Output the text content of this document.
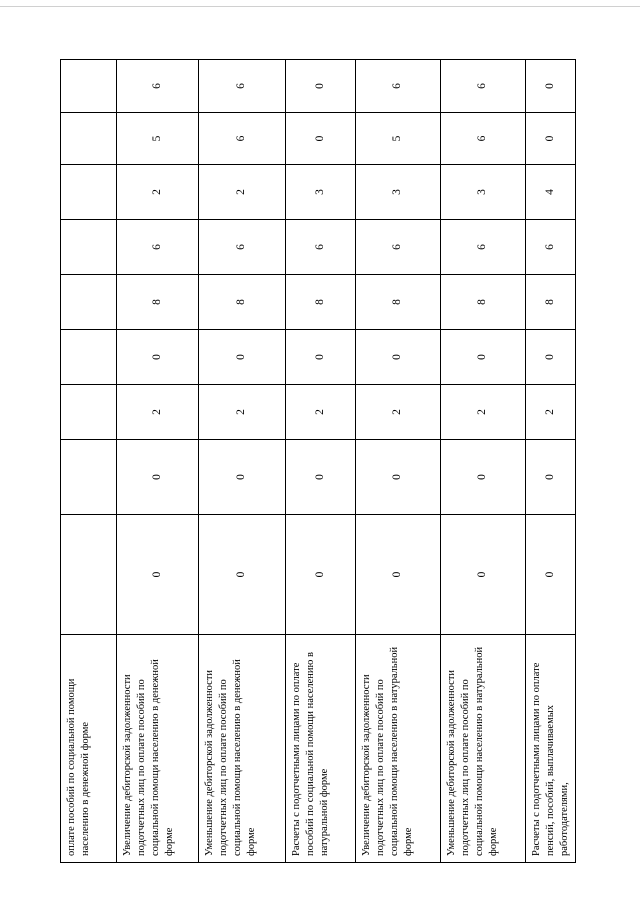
оплате пособий по социальной помощи населению в денежной форме									
Увеличение дебиторской задолженности подотчетных лиц по оплате пособий по социальной помощи населению в денежной форме	0	0	2	0	8	6	2	5	6
Уменьшение дебиторской задолженности подотчетных лиц по оплате пособий по социальной помощи населению в денежной форме	0	0	2	0	8	6	2	6	6
Расчеты с подотчетными лицами по оплате пособий по социальной помощи населению в натуральной форме	0	0	2	0	8	6	3	0	0
Увеличение дебиторской задолженности подотчетных лиц по оплате пособий по социальной помощи населению в натуральной форме	0	0	2	0	8	6	3	5	6
Уменьшение дебиторской задолженности подотчетных лиц по оплате пособий по социальной помощи населению в натуральной форме	0	0	2	0	8	6	3	6	6
Расчеты с подотчетными лицами по оплате пенсий, пособий, выплачиваемых работодателями,	0	0	2	0	8	6	4	0	0
